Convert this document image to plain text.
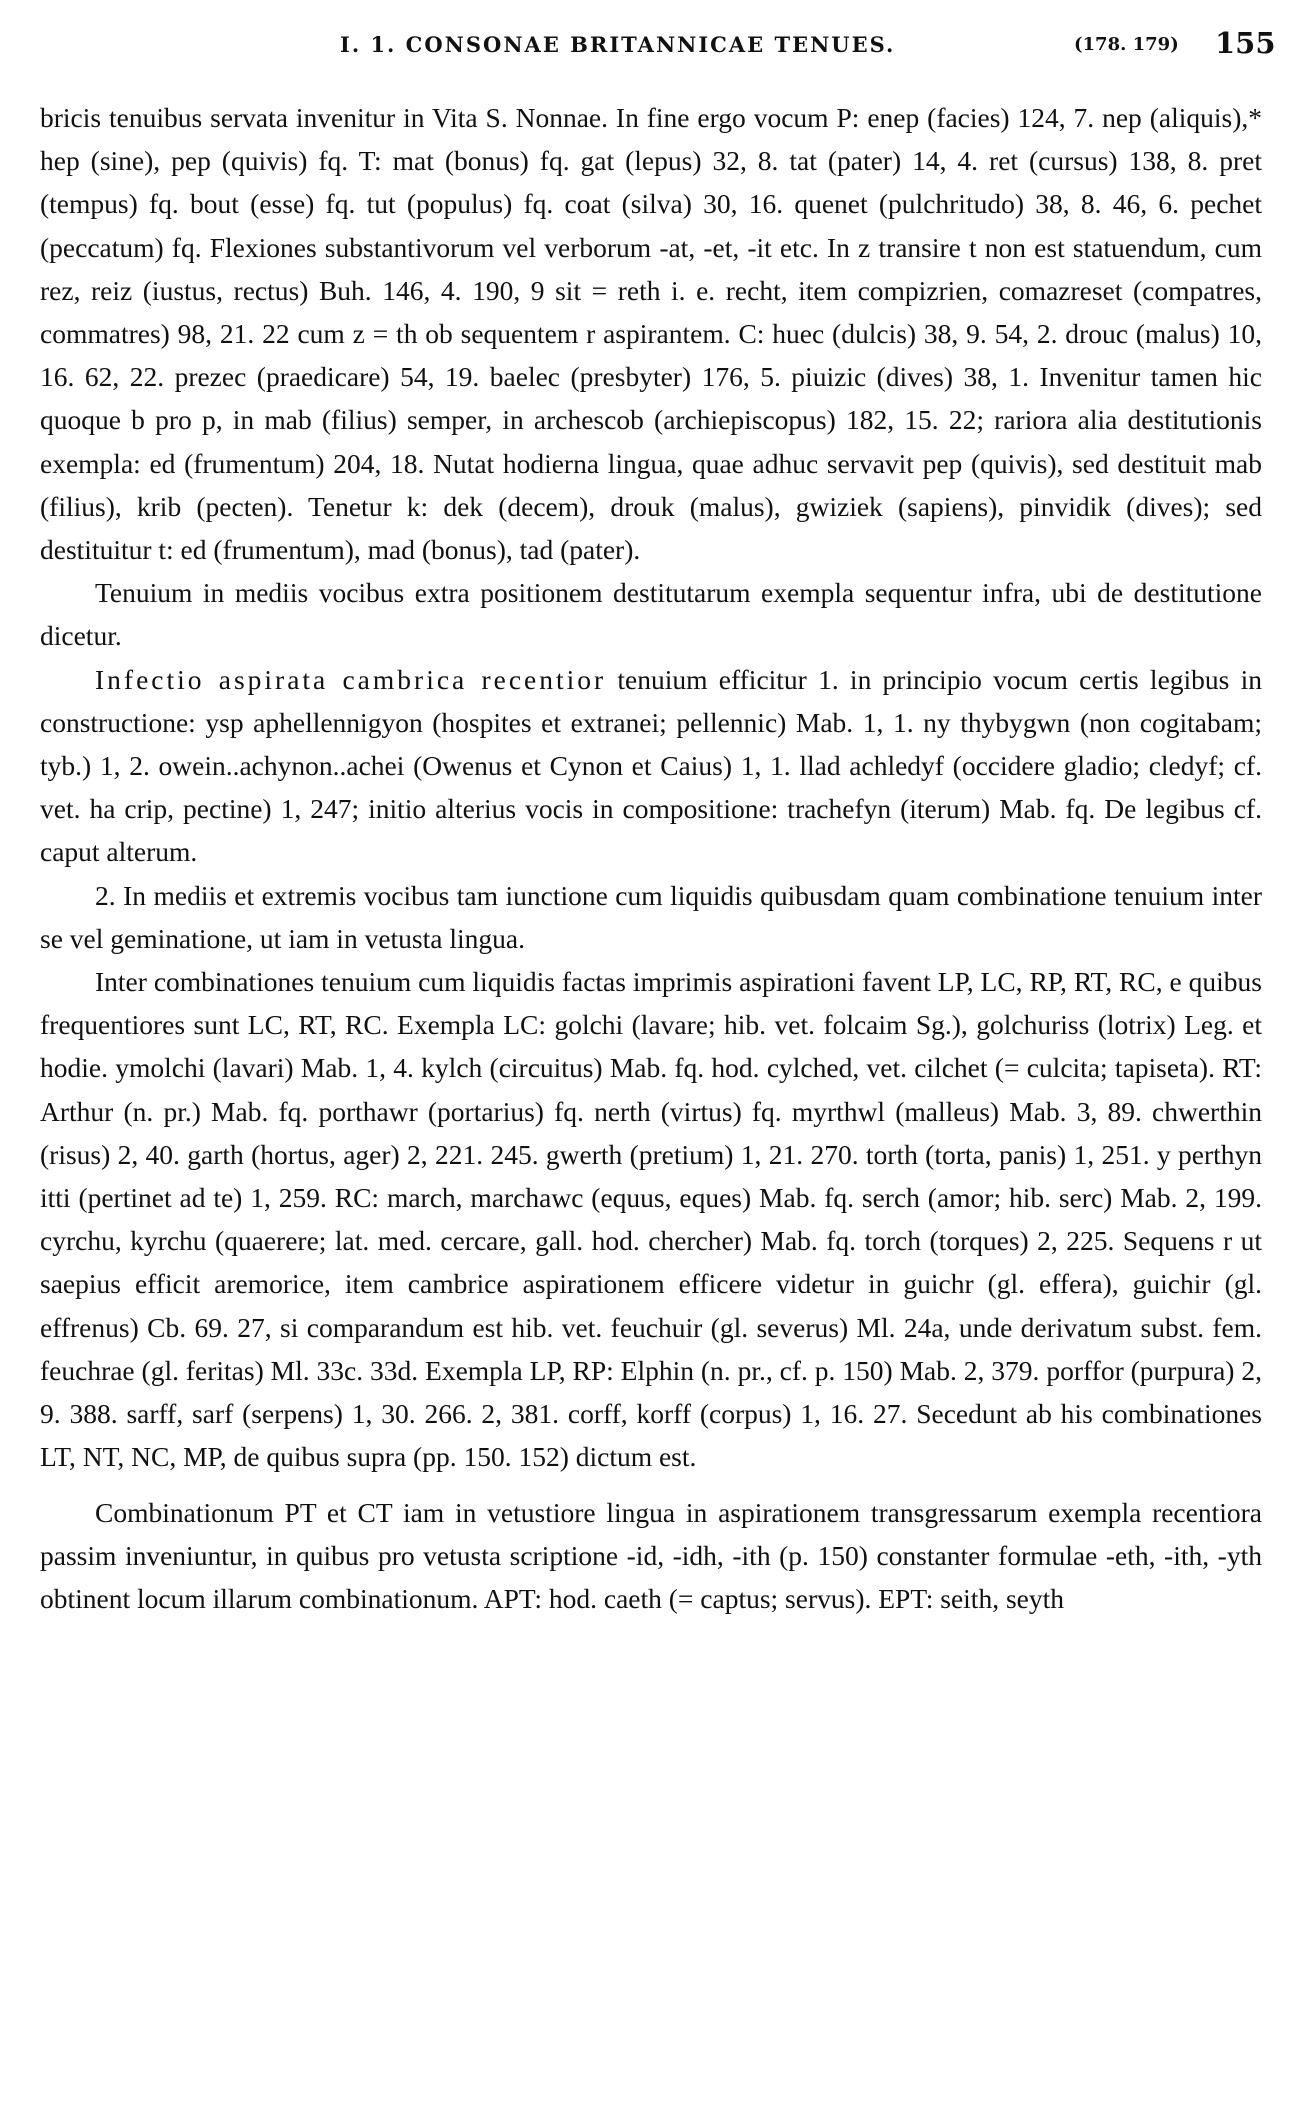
I. 1. CONSONAE BRITANNICAE TENUES.	(178. 179) 155

bricis tenuibus servata invenitur in Vita S. Nonnae. In fine ergo vocum P: enep (facies) 124, 7. nep (aliquis),* hep (sine), pep (quivis) fq. T: mat (bonus) fq. gat (lepus) 32, 8. tat (pater) 14, 4. ret (cursus) 138, 8. pret (tempus) fq. bout (esse) fq. tut (populus) fq. coat (silva) 30, 16. quenet (pulchritudo) 38, 8. 46, 6. pechet (peccatum) fq. Flexiones substantivorum vel verborum -at, -et, -it etc. In z transire t non est statuendum, cum rez, reiz (iustus, rectus) Buh. 146, 4. 190, 9 sit = reth i. e. recht, item compizrien, comazreset (compatres, commatres) 98, 21. 22 cum z = th ob sequentem r aspirantem. C: huec (dulcis) 38, 9. 54, 2. drouc (malus) 10, 16. 62, 22. prezec (praedicare) 54, 19. baelec (presbyter) 176, 5. piuizic (dives) 38, 1. Invenitur tamen hic quoque b pro p, in mab (filius) semper, in archescob (archiepiscopus) 182, 15. 22; rariora alia destitutionis exempla: ed (frumentum) 204, 18. Nutat hodierna lingua, quae adhuc servavit pep (quivis), sed destituit mab (filius), krib (pecten). Tenetur k: dek (decem), drouk (malus), gwiziek (sapiens), pinvidik (dives); sed destituitur t: ed (frumentum), mad (bonus), tad (pater).

Tenuium in mediis vocibus extra positionem destitutarum exempla sequentur infra, ubi de destitutione dicetur.

Infectio aspirata cambrica recentior tenuium efficitur 1. in principio vocum certis legibus in constructione: ysp aphellennigyon (hospites et extranei; pellennic) Mab. 1, 1. ny thybygwn (non cogitabam; tyb.) 1, 2. owein..achynon..achei (Owenus et Cynon et Caius) 1, 1. llad achledyf (occidere gladio; cledyf; cf. vet. ha crip, pectine) 1, 247; initio alterius vocis in compositione: trachefyn (iterum) Mab. fq. De legibus cf. caput alterum.

2. In mediis et extremis vocibus tam iunctione cum liquidis quibusdam quam combinatione tenuium inter se vel geminatione, ut iam in vetusta lingua.

Inter combinationes tenuium cum liquidis factas imprimis aspirationi favent LP, LC, RP, RT, RC, e quibus frequentiores sunt LC, RT, RC. Exempla LC: golchi (lavare; hib. vet. folcaim Sg.), golchuriss (lotrix) Leg. et hodie. ymolchi (lavari) Mab. 1, 4. kylch (circuitus) Mab. fq. hod. cylched, vet. cilchet (= culcita; tapiseta). RT: Arthur (n. pr.) Mab. fq. porthawr (portarius) fq. nerth (virtus) fq. myrthwl (malleus) Mab. 3, 89. chwerthin (risus) 2, 40. garth (hortus, ager) 2, 221. 245. gwerth (pretium) 1, 21. 270. torth (torta, panis) 1, 251. y perthyn itti (pertinet ad te) 1, 259. RC: march, marchawc (equus, eques) Mab. fq. serch (amor; hib. serc) Mab. 2, 199. cyrchu, kyrchu (quaerere; lat. med. cercare, gall. hod. chercher) Mab. fq. torch (torques) 2, 225. Sequens r ut saepius efficit aremorice, item cambrice aspirationem efficere videtur in guichr (gl. effera), guichir (gl. effrenus) Cb. 69. 27, si comparandum est hib. vet. feuchuir (gl. severus) Ml. 24a, unde derivatum subst. fem. feuchrae (gl. feritas) Ml. 33c. 33d. Exempla LP, RP: Elphin (n. pr., cf. p. 150) Mab. 2, 379. porffor (purpura) 2, 9. 388. sarff, sarf (serpens) 1, 30. 266. 2, 381. corff, korff (corpus) 1, 16. 27. Secedunt ab his combinationes LT, NT, NC, MP, de quibus supra (pp. 150. 152) dictum est.

Combinationum PT et CT iam in vetustiore lingua in aspirationem transgressarum exempla recentiora passim inveniuntur, in quibus pro vetusta scriptione -id, -idh, -ith (p. 150) constanter formulae -eth, -ith, -yth obtinent locum illarum combinationum. APT: hod. caeth (= captus; servus). EPT: seith, seyth
